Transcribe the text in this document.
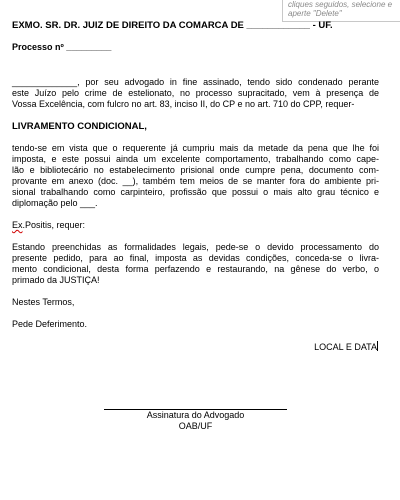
cliques seguidos, selecione e
aperte "Delete"
EXMO. SR. DR. JUIZ DE DIREITO DA COMARCA DE ____________ - UF.
Processo nº _________
_____________, por seu advogado in fine assinado, tendo sido condenado perante
este Juízo pelo crime de estelionato, no processo supracitado, vem à presença de
Vossa Excelência, com fulcro no art. 83, inciso II, do CP e no art. 710 do CPP, requer-
LIVRAMENTO CONDICIONAL,
tendo-se em vista que o requerente já cumpriu mais da metade da pena que lhe foi
imposta, e este possui ainda um excelente comportamento, trabalhando como cape-
lão e bibliotecário no estabelecimento prisional onde cumpre pena, documento com-
provante em anexo (doc. __), também tem meios de se manter fora do ambiente pri-
sional trabalhando como carpinteiro, profissão que possui o mais alto grau técnico e
diplomação pelo ___.
Ex.Positis, requer:
Estando preenchidas as formalidades legais, pede-se o devido processamento do
presente pedido, para ao final, imposta as devidas condições, conceda-se o livra-
mento condicional, desta forma perfazendo e restaurando, na gênese do verbo, o
primado da JUSTIÇA!
Nestes Termos,
Pede Deferimento.
LOCAL E DATA
Assinatura do Advogado
OAB/UF
